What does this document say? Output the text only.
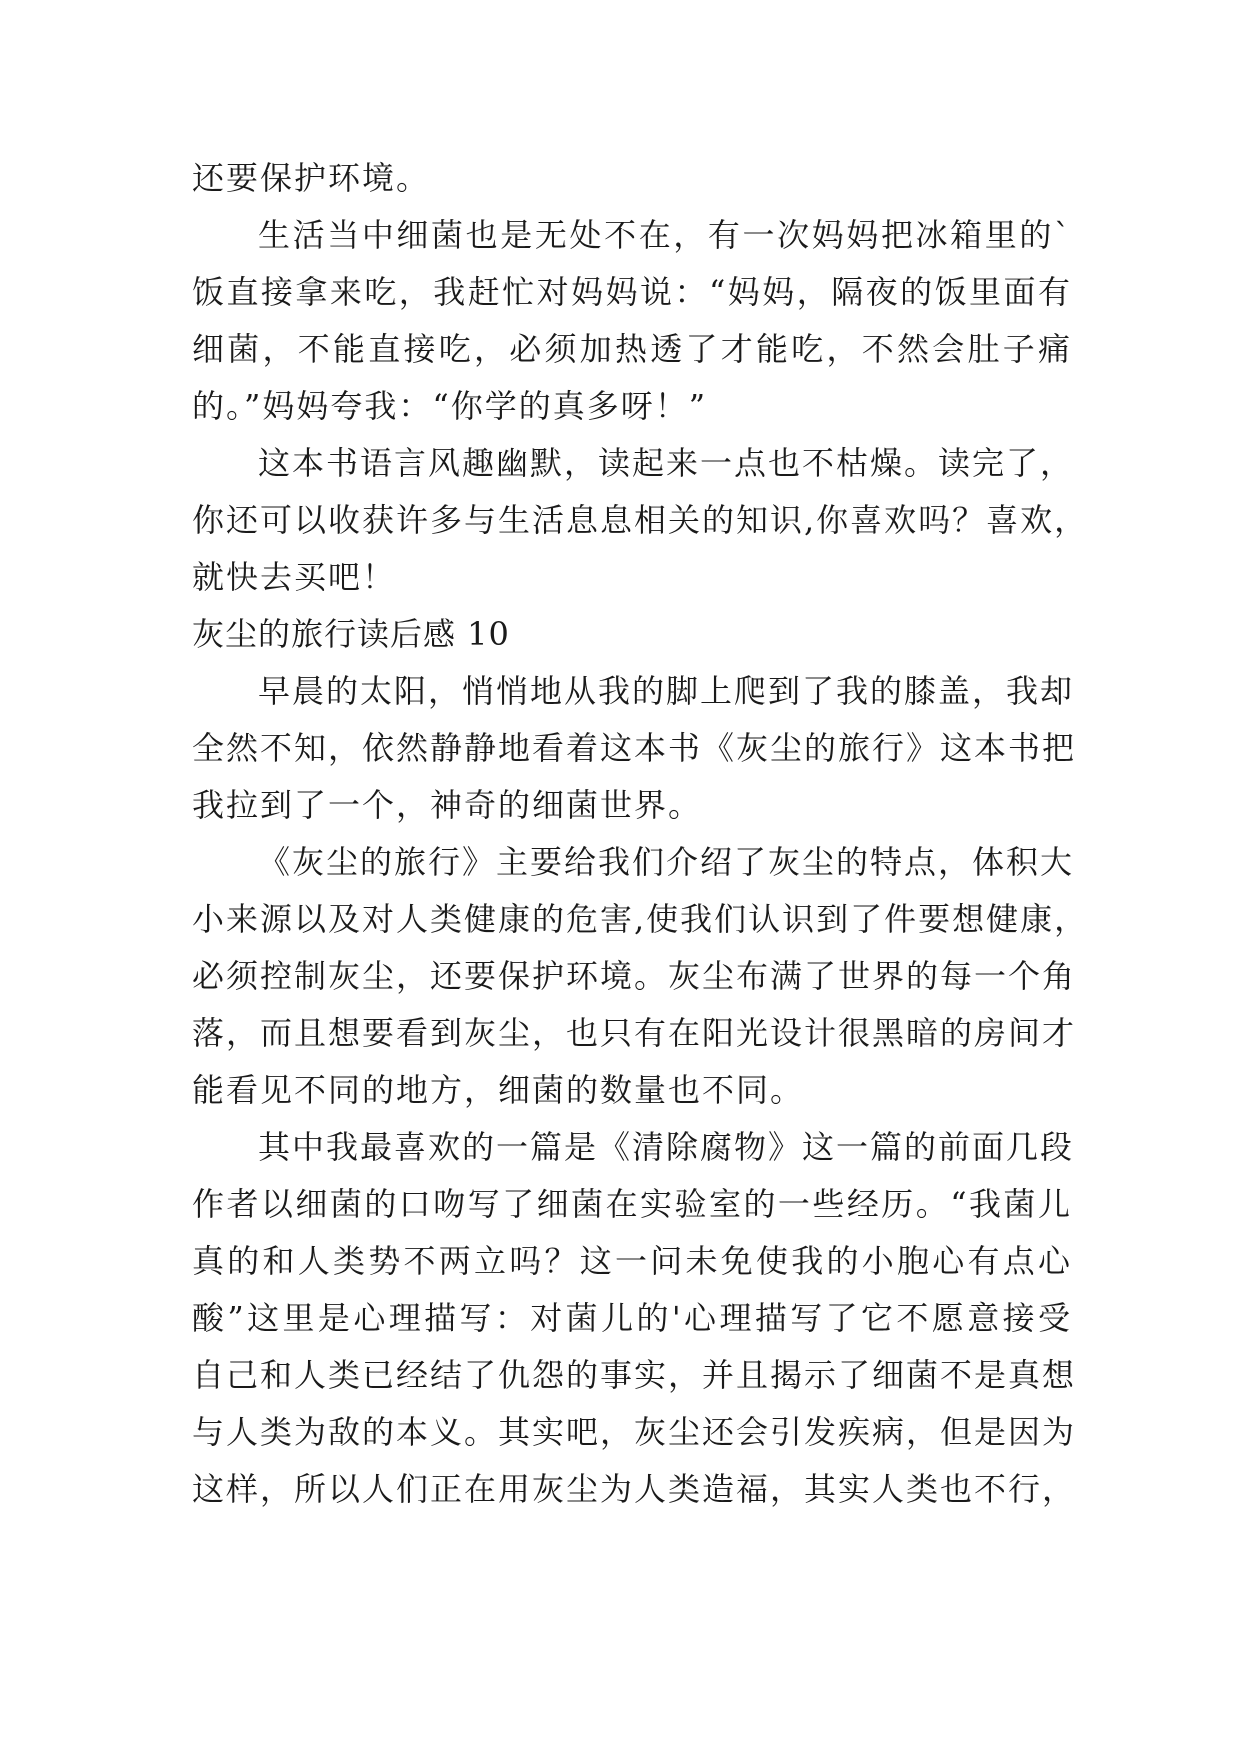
还要保护环境。
生活当中细菌也是无处不在，有一次妈妈把冰箱里的`
饭直接拿来吃，我赶忙对妈妈说：“妈妈，隔夜的饭里面有
细菌，不能直接吃，必须加热透了才能吃，不然会肚子痛
的。”妈妈夸我：“你学的真多呀！”
这本书语言风趣幽默，读起来一点也不枯燥。读完了，
你还可以收获许多与生活息息相关的知识,你喜欢吗？喜欢，
就快去买吧！
灰尘的旅行读后感 10
早晨的太阳，悄悄地从我的脚上爬到了我的膝盖，我却
全然不知，依然静静地看着这本书《灰尘的旅行》这本书把
我拉到了一个，神奇的细菌世界。
《灰尘的旅行》主要给我们介绍了灰尘的特点，体积大
小来源以及对人类健康的危害,使我们认识到了件要想健康，
必须控制灰尘，还要保护环境。灰尘布满了世界的每一个角
落，而且想要看到灰尘，也只有在阳光设计很黑暗的房间才
能看见不同的地方，细菌的数量也不同。
其中我最喜欢的一篇是《清除腐物》这一篇的前面几段
作者以细菌的口吻写了细菌在实验室的一些经历。“我菌儿
真的和人类势不两立吗？这一问未免使我的小胞心有点心
酸”这里是心理描写：对菌儿的'心理描写了它不愿意接受
自己和人类已经结了仇怨的事实，并且揭示了细菌不是真想
与人类为敌的本义。其实吧，灰尘还会引发疾病，但是因为
这样，所以人们正在用灰尘为人类造福，其实人类也不行，
